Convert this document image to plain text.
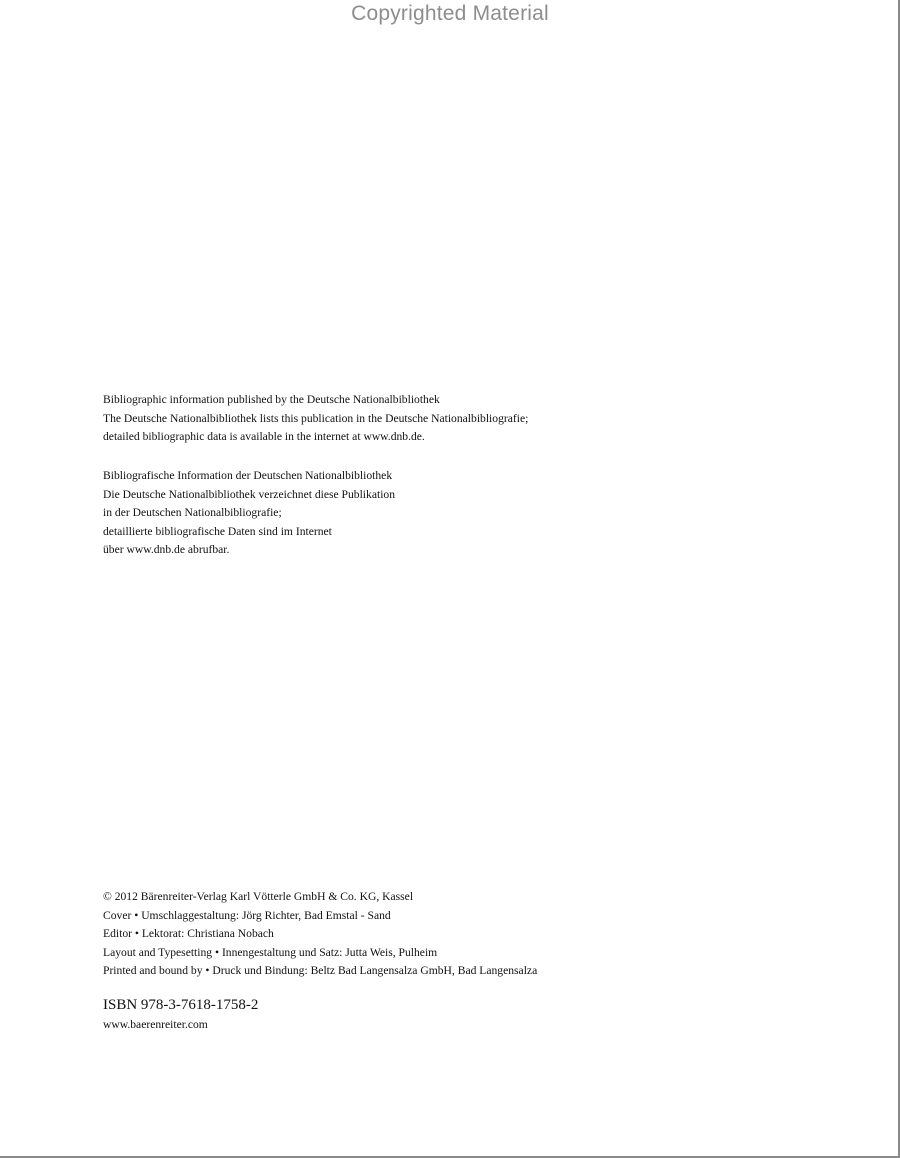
Copyrighted Material
Bibliographic information published by the Deutsche Nationalbibliothek
The Deutsche Nationalbibliothek lists this publication in the Deutsche Nationalbibliografie;
detailed bibliographic data is available in the internet at www.dnb.de.
Bibliografische Information der Deutschen Nationalbibliothek
Die Deutsche Nationalbibliothek verzeichnet diese Publikation
in der Deutschen Nationalbibliografie;
detaillierte bibliografische Daten sind im Internet
über www.dnb.de abrufbar.
© 2012 Bärenreiter-Verlag Karl Vötterle GmbH & Co. KG, Kassel
Cover • Umschlaggestaltung: Jörg Richter, Bad Emstal - Sand
Editor • Lektorat: Christiana Nobach
Layout and Typesetting • Innengestaltung und Satz: Jutta Weis, Pulheim
Printed and bound by • Druck und Bindung: Beltz Bad Langensalza GmbH, Bad Langensalza
ISBN 978-3-7618-1758-2
www.baerenreiter.com
